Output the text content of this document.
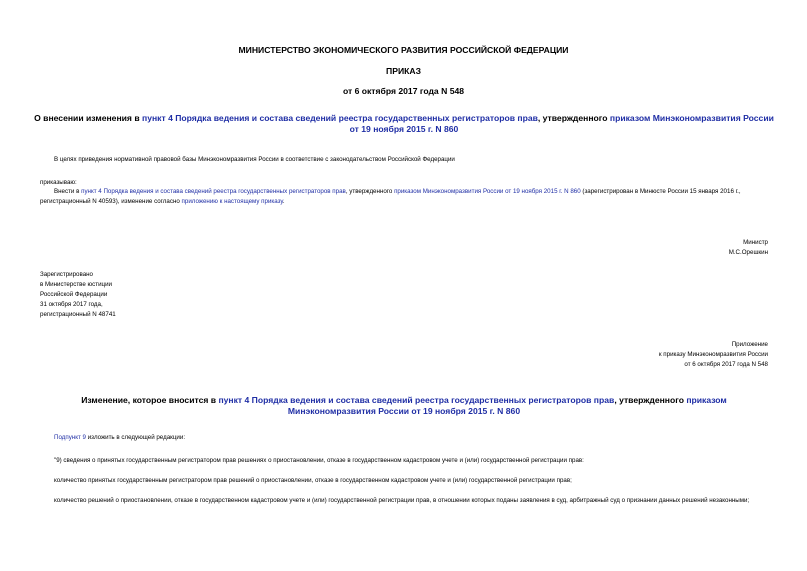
МИНИСТЕРСТВО ЭКОНОМИЧЕСКОГО РАЗВИТИЯ РОССИЙСКОЙ ФЕДЕРАЦИИ
ПРИКАЗ
от 6 октября 2017 года N 548
О внесении изменения в пункт 4 Порядка ведения и состава сведений реестра государственных регистраторов прав, утвержденного приказом Минэкономразвития России от 19 ноября 2015 г. N 860
В целях приведения нормативной правовой базы Минэкономразвития России в соответствие с законодательством Российской Федерации
приказываю:
Внести в пункт 4 Порядка ведения и состава сведений реестра государственных регистраторов прав, утвержденного приказом Минэкономразвития России от 19 ноября 2015 г. N 860 (зарегистрирован в Минюсте России 15 января 2016 г., регистрационный N 40593), изменение согласно приложению к настоящему приказу.
Министр
М.С.Орешкин
Зарегистрировано
в Министерстве юстиции
Российской Федерации
31 октября 2017 года,
регистрационный N 48741
Приложение
к приказу Минэкономразвития России
от 6 октября 2017 года N 548
Изменение, которое вносится в пункт 4 Порядка ведения и состава сведений реестра государственных регистраторов прав, утвержденного приказом Минэкономразвития России от 19 ноября 2015 г. N 860
Подпункт 9 изложить в следующей редакции:
"9) сведения о принятых государственным регистратором прав решениях о приостановлении, отказе в государственном кадастровом учете и (или) государственной регистрации прав:
количество принятых государственным регистратором прав решений о приостановлении, отказе в государственном кадастровом учете и (или) государственной регистрации прав;
количество решений о приостановлении, отказе в государственном кадастровом учете и (или) государственной регистрации прав, в отношении которых поданы заявления в суд, арбитражный суд о признании данных решений незаконными;
